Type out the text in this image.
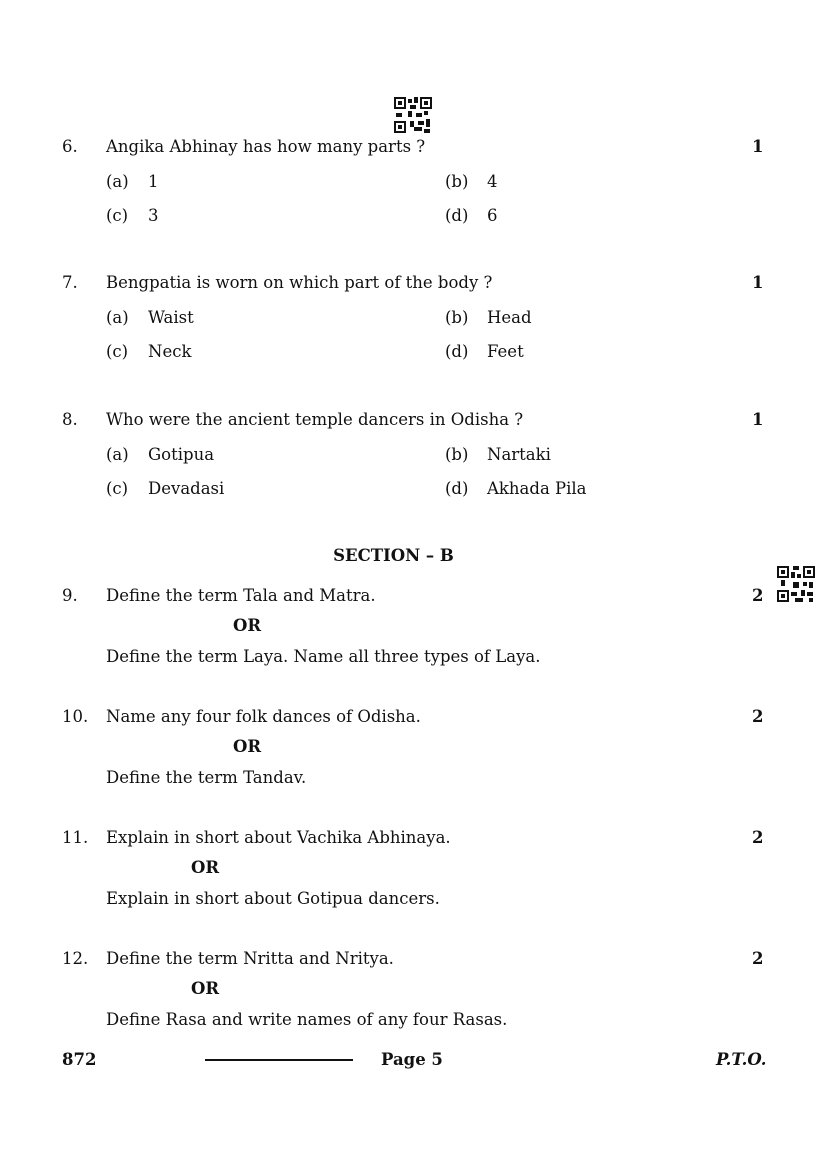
6. Angika Abhinay has how many parts ?	1
(a) 1	(b) 4
(c) 3	(d) 6
7. Bengpatia is worn on which part of the body ?	1
(a) Waist	(b) Head
(c) Neck	(d) Feet
8. Who were the ancient temple dancers in Odisha ?	1
(a) Gotipua	(b) Nartaki
(c) Devadasi	(d) Akhada Pila
SECTION – B
9. Define the term Tala and Matra.	2
OR
Define the term Laya. Name all three types of Laya.
10. Name any four folk dances of Odisha.	2
OR
Define the term Tandav.
11. Explain in short about Vachika Abhinaya.	2
OR
Explain in short about Gotipua dancers.
12. Define the term Nritta and Nritya.	2
OR
Define Rasa and write names of any four Rasas.
872	Page 5	P.T.O.
